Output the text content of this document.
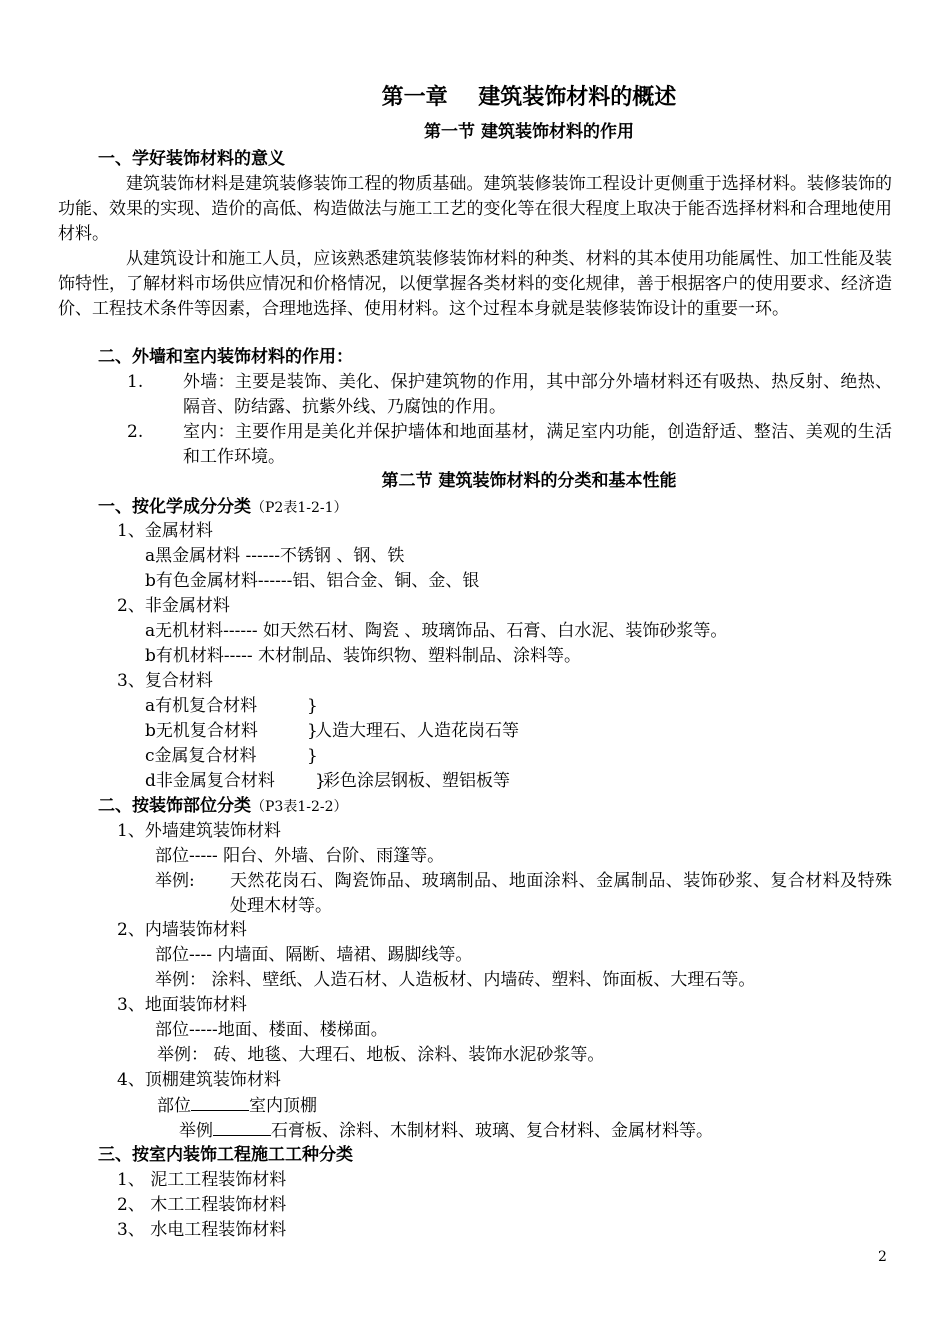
第一章    建筑装饰材料的概述
第一节 建筑装饰材料的作用
一、学好装饰材料的意义

建筑装饰材料是建筑装修装饰工程的物质基础。建筑装修装饰工程设计更侧重于选择材料。装修装饰的功能、效果的实现、造价的高低、构造做法与施工工艺的变化等在很大程度上取决于能否选择材料和合理地使用材料。

从建筑设计和施工人员，应该熟悉建筑装修装饰材料的种类、材料的其本使用功能属性、加工性能及装饰特性，了解材料市场供应情况和价格情况，以便掌握各类材料的变化规律，善于根据客户的使用要求、经济造价、工程技术条件等因素，合理地选择、使用材料。这个过程本身就是装修装饰设计的重要一环。

二、外墙和室内装饰材料的作用：
1. 外墙：主要是装饰、美化、保护建筑物的作用，其中部分外墙材料还有吸热、热反射、绝热、隔音、防结露、抗紫外线、乃腐蚀的作用。

2. 室内：主要作用是美化并保护墙体和地面基材，满足室内功能，创造舒适、整洁、美观的生活和工作环境。

第二节 建筑装饰材料的分类和基本性能
一、按化学成分分类（P2表1-2-1）
1、金属材料
a黑金属材料 ------不锈钢 、钢、铁
b有色金属材料------铝、铝合金、铜、金、银
2、非金属材料
a无机材料------ 如天然石材、陶瓷 、玻璃饰品、石膏、白水泥、装饰砂浆等。
b有机材料----- 木材制品、装饰织物、塑料制品、涂料等。
3、复合材料
a有机复合材料	}
b无机复合材料	}人造大理石、人造花岗石等
c金属复合材料	}
d非金属复合材料 }彩色涂层钢板、塑铝板等
二、按装饰部位分类（P3表1-2-2）
1、外墙建筑装饰材料
部位----- 阳台、外墙、台阶、雨篷等。
举例: 天然花岗石、陶瓷饰品、玻璃制品、地面涂料、金属制品、装饰砂浆、复合材料及特殊处理木材等。

2、内墙装饰材料
部位---- 内墙面、隔断、墙裙、踢脚线等。
举例： 涂料、壁纸、人造石材、人造板材、内墙砖、塑料、饰面板、大理石等。
3、地面装饰材料
部位-----地面、楼面、楼梯面。
举例： 砖、地毯、大理石、地板、涂料、装饰水泥砂浆等。
4、顶棚建筑装饰材料
部位	室内顶棚
举例	石膏板、涂料、木制材料、玻璃、复合材料、金属材料等。
三、按室内装饰工程施工工种分类
1、 泥工工程装饰材料
2、 木工工程装饰材料
3、 水电工程装饰材料
2
